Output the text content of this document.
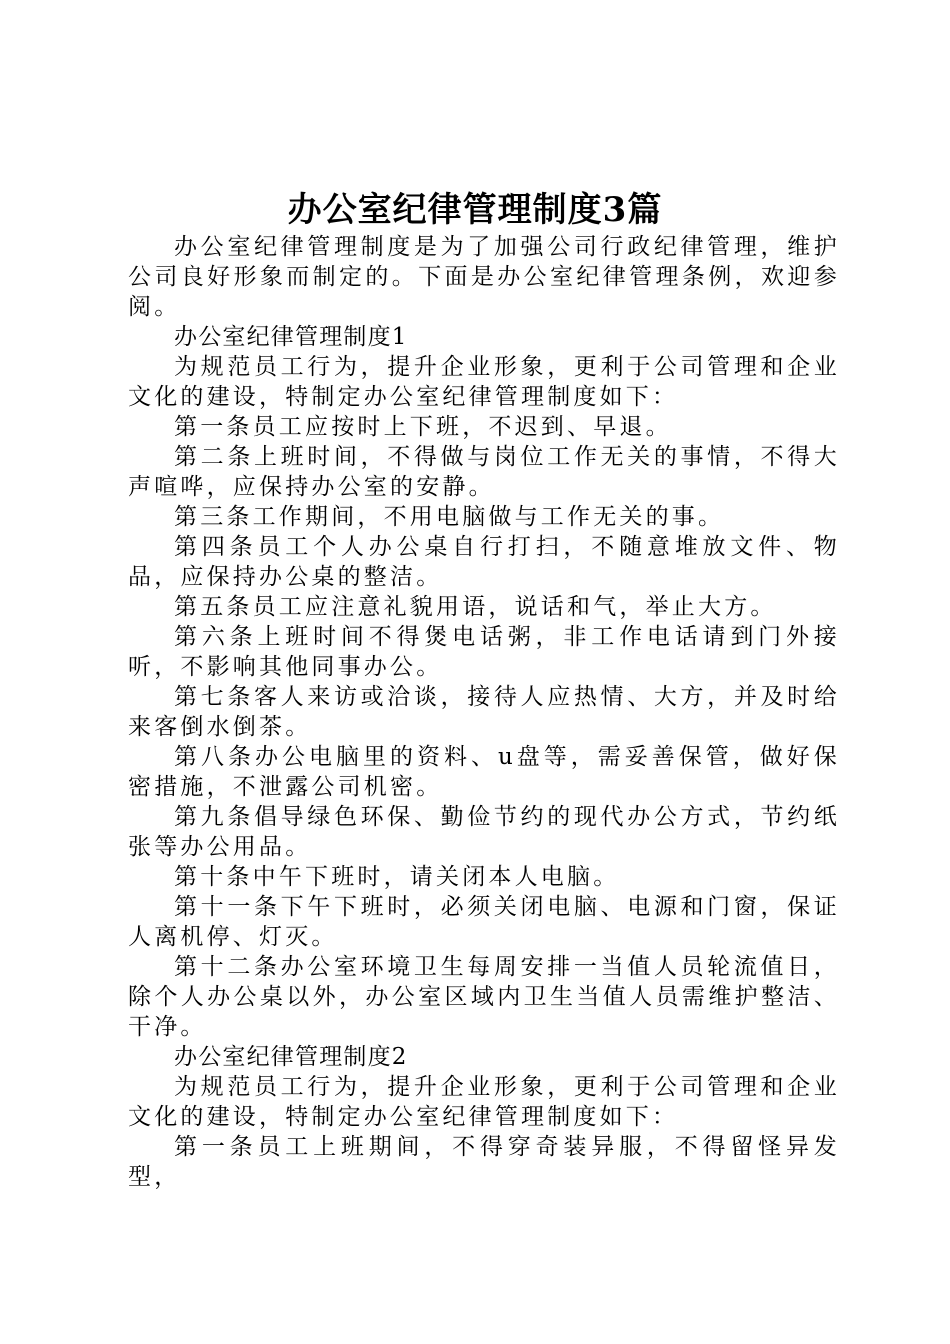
办公室纪律管理制度3篇

办公室纪律管理制度是为了加强公司行政纪律管理，维护公司良好形象而制定的。下面是办公室纪律管理条例，欢迎参阅。

办公室纪律管理制度1

为规范员工行为，提升企业形象，更利于公司管理和企业文化的建设，特制定办公室纪律管理制度如下：

第一条员工应按时上下班，不迟到、早退。

第二条上班时间，不得做与岗位工作无关的事情，不得大声喧哗，应保持办公室的安静。

第三条工作期间，不用电脑做与工作无关的事。

第四条员工个人办公桌自行打扫，不随意堆放文件、物品，应保持办公桌的整洁。

第五条员工应注意礼貌用语，说话和气，举止大方。

第六条上班时间不得煲电话粥，非工作电话请到门外接听，不影响其他同事办公。

第七条客人来访或洽谈，接待人应热情、大方，并及时给来客倒水倒茶。

第八条办公电脑里的资料、u盘等，需妥善保管，做好保密措施，不泄露公司机密。

第九条倡导绿色环保、勤俭节约的现代办公方式，节约纸张等办公用品。

第十条中午下班时，请关闭本人电脑。

第十一条下午下班时，必须关闭电脑、电源和门窗，保证人离机停、灯灭。

第十二条办公室环境卫生每周安排一当值人员轮流值日，除个人办公桌以外，办公室区域内卫生当值人员需维护整洁、干净。

办公室纪律管理制度2

为规范员工行为，提升企业形象，更利于公司管理和企业文化的建设，特制定办公室纪律管理制度如下：

第一条员工上班期间，不得穿奇装异服，不得留怪异发型，
